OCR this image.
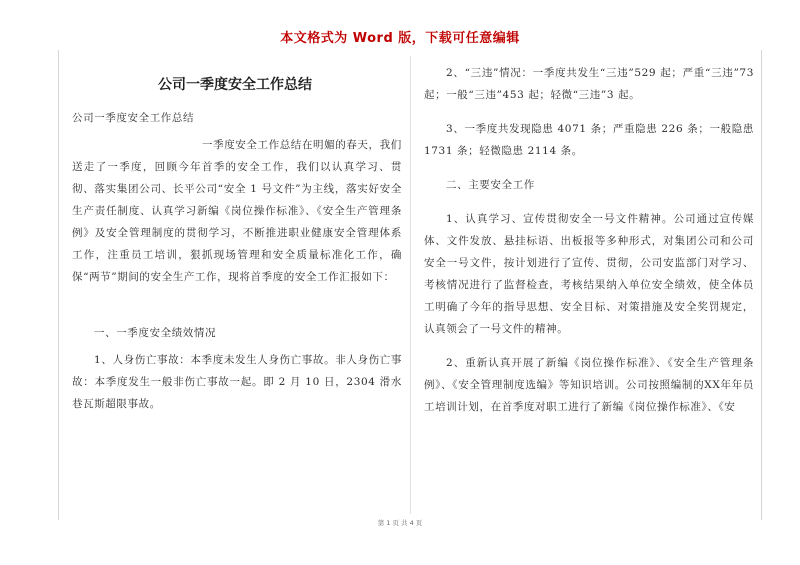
本文格式为 Word 版，下载可任意编辑
公司一季度安全工作总结

公司一季度安全工作总结

一季度安全工作总结在明媚的春天，我们

送走了一季度，回顾今年首季的安全工作，我们以认真学习、贯彻、落实集团公司、长平公司“安全 1 号文件”为主线，落实好安全生产责任制度、认真学习新编《岗位操作标准》、《安全生产管理条例》及安全管理制度的贯彻学习，不断推进职业健康安全管理体系工作，注重员工培训，狠抓现场管理和安全质量标准化工作，确保“两节”期间的安全生产工作，现将首季度的安全工作汇报如下：

一、一季度安全绩效情况

1、人身伤亡事故：本季度未发生人身伤亡事故。非人身伤亡事故：本季度发生一般非伤亡事故一起。即 2 月 10 日，2304 滑水巷瓦斯超限事故。

2、“三违”情况：一季度共发生“三违”529 起；严重“三违”73 起；一般“三违”453 起；轻微“三违”3 起。

3、一季度共发现隐患 4071 条；严重隐患 226 条；一般隐患 1731 条；轻微隐患 2114 条。

二、主要安全工作

1、认真学习、宣传贯彻安全一号文件精神。公司通过宣传媒体、文件发放、悬挂标语、出板报等多种形式，对集团公司和公司安全一号文件，按计划进行了宣传、贯彻，公司安监部门对学习、考核情况进行了监督检查，考核结果纳入单位安全绩效，使全体员工明确了今年的指导思想、安全目标、对策措施及安全奖罚规定，认真领会了一号文件的精神。

2、重新认真开展了新编《岗位操作标准》、《安全生产管理条例》、《安全管理制度选编》等知识培训。公司按照编制的XX年年员工培训计划，在首季度对职工进行了新编《岗位操作标准》、《安

第 1 页 共 4 页
